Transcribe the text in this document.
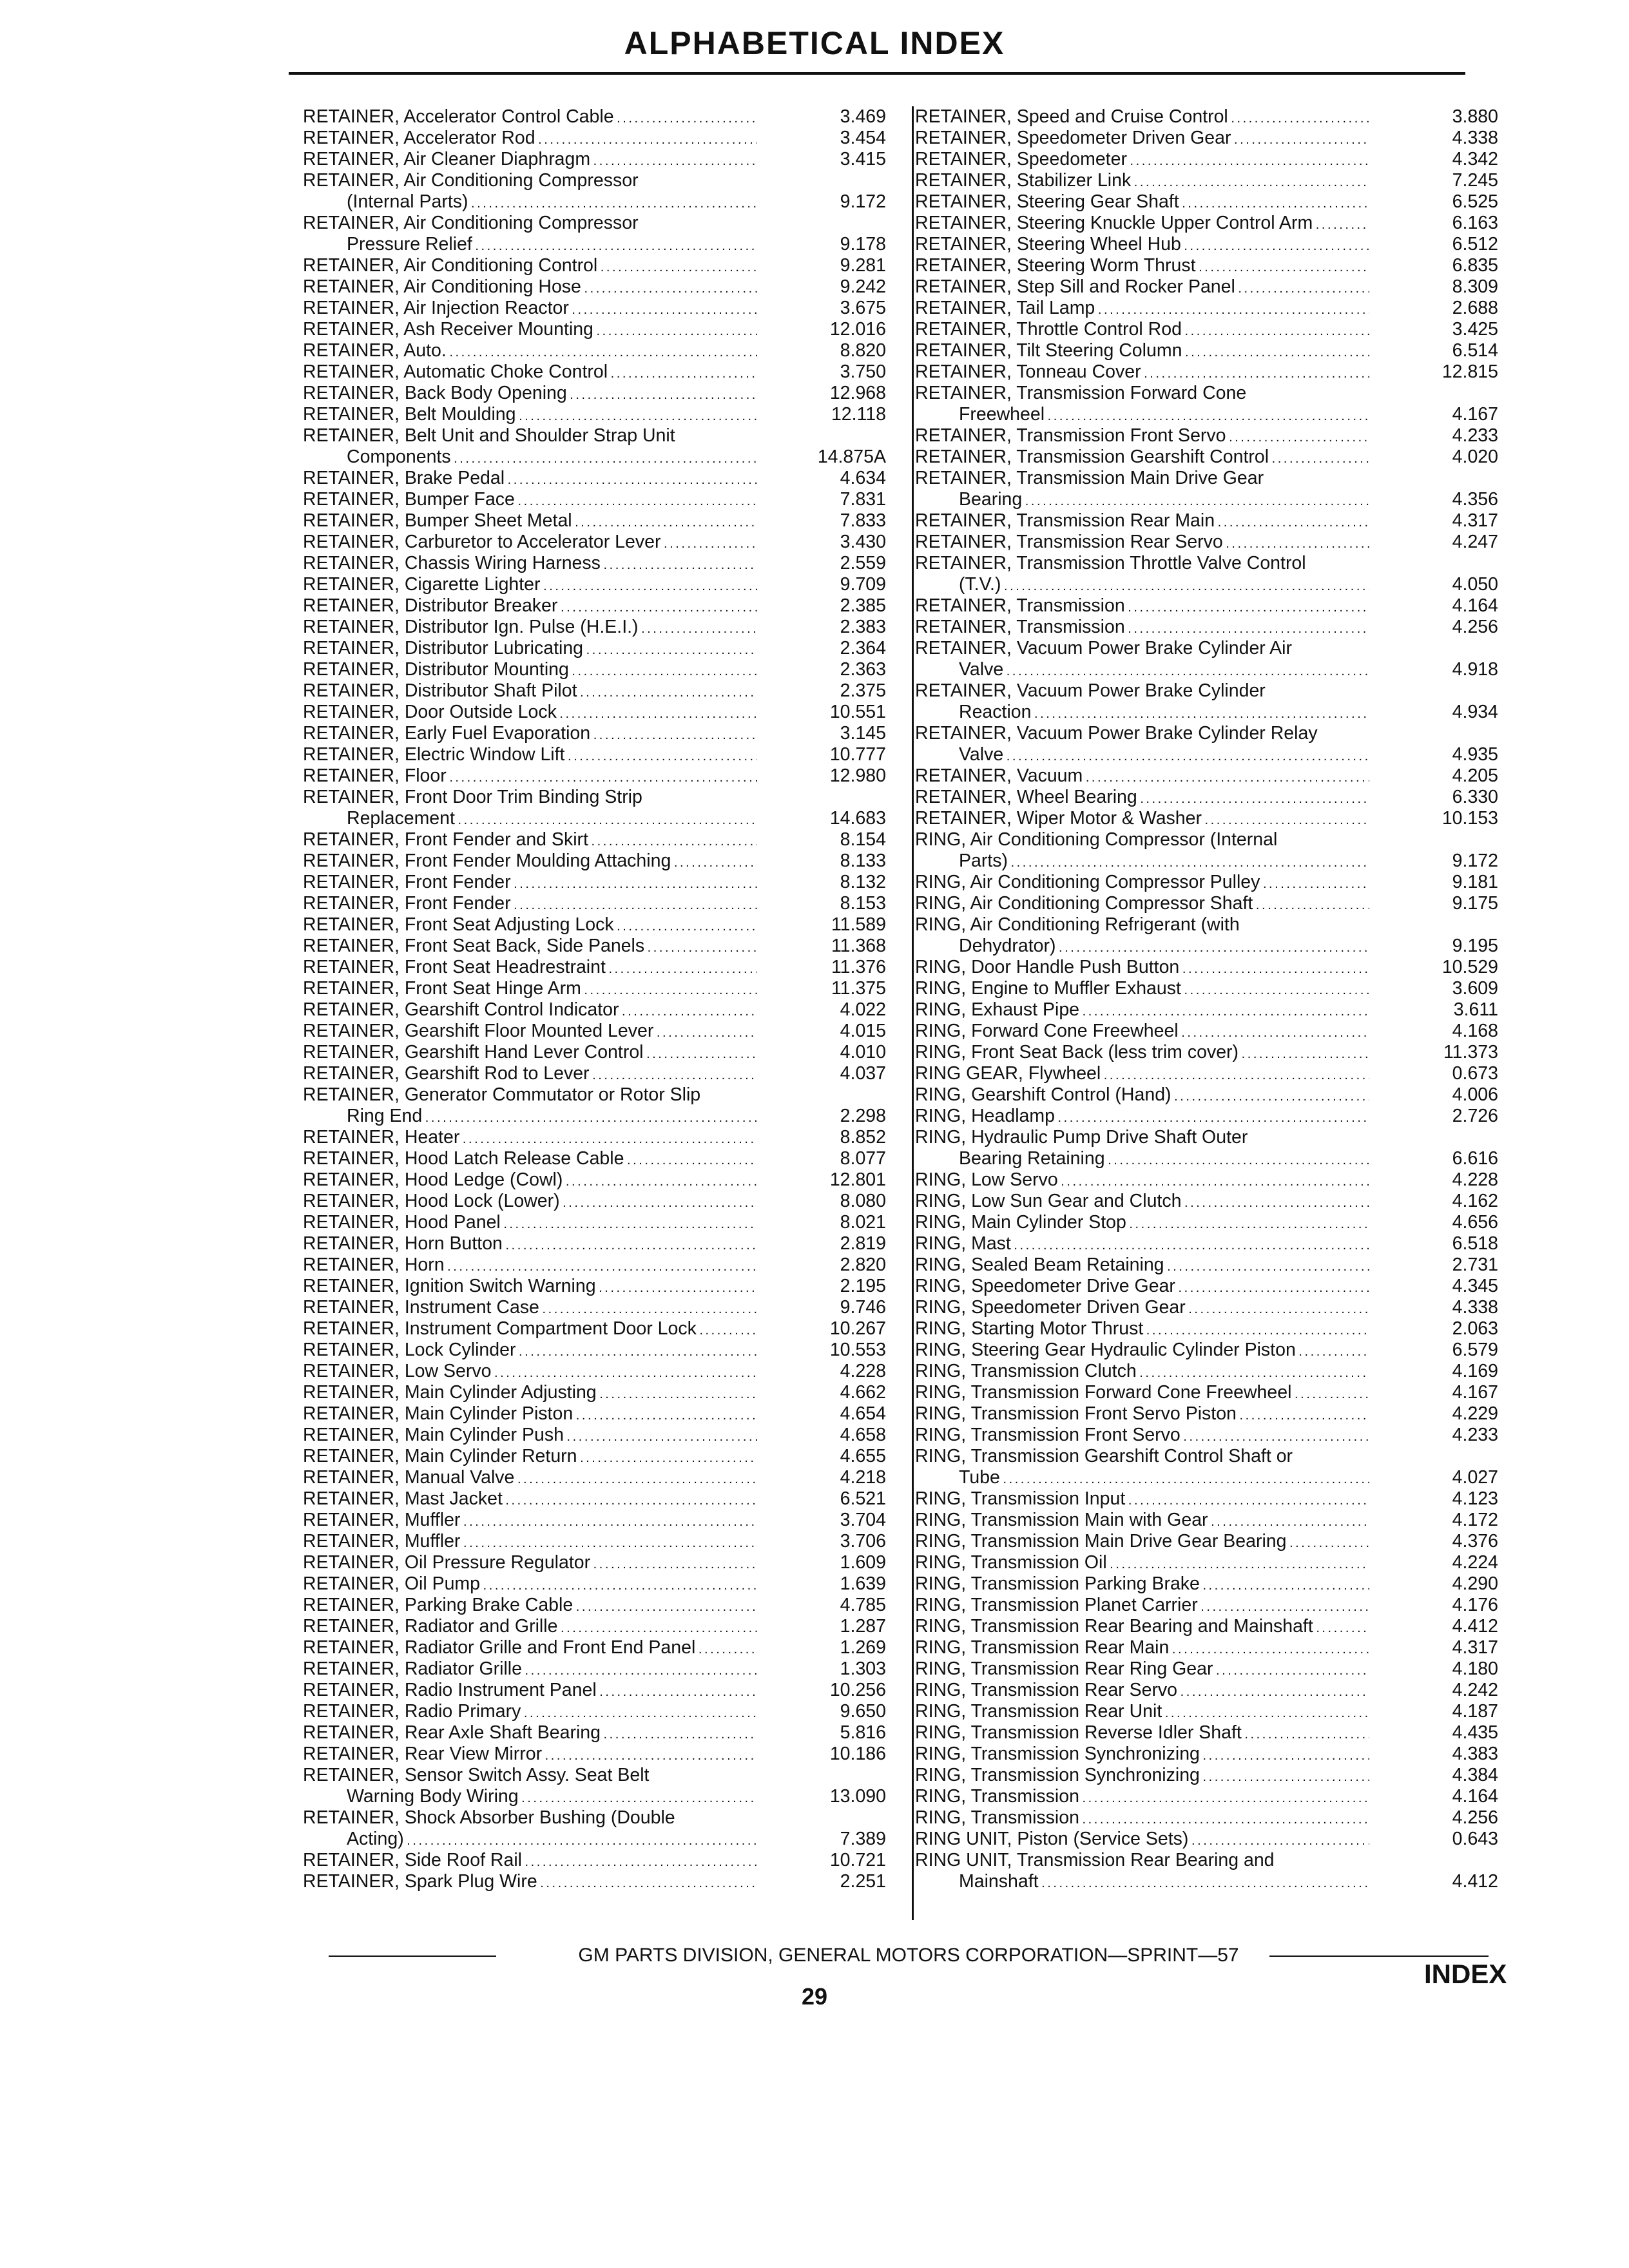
ALPHABETICAL INDEX
RETAINER, Accelerator Control Cable . . .	3.469
RETAINER, Accelerator Rod . . .	3.454
RETAINER, Air Cleaner Diaphragm . . .	3.415
RETAINER, Air Conditioning Compressor
(Internal Parts) . . .	9.172
RETAINER, Air Conditioning Compressor
Pressure Relief . . .	9.178
RETAINER, Air Conditioning Control . . .	9.281
RETAINER, Air Conditioning Hose . . .	9.242
RETAINER, Air Injection Reactor . . .	3.675
RETAINER, Ash Receiver Mounting . . .	12.016
RETAINER, Auto. . . .	8.820
RETAINER, Automatic Choke Control . . .	3.750
RETAINER, Back Body Opening . . .	12.968
RETAINER, Belt Moulding . . .	12.118
RETAINER, Belt Unit and Shoulder Strap Unit
Components . . .	14.875A
RETAINER, Brake Pedal . . .	4.634
RETAINER, Bumper Face . . .	7.831
RETAINER, Bumper Sheet Metal . . .	7.833
RETAINER, Carburetor to Accelerator Lever . . .	3.430
RETAINER, Chassis Wiring Harness . . .	2.559
RETAINER, Cigarette Lighter . . .	9.709
RETAINER, Distributor Breaker . . .	2.385
RETAINER, Distributor Ign. Pulse (H.E.I.) . . .	2.383
RETAINER, Distributor Lubricating . . .	2.364
RETAINER, Distributor Mounting . . .	2.363
RETAINER, Distributor Shaft Pilot . . .	2.375
RETAINER, Door Outside Lock . . .	10.551
RETAINER, Early Fuel Evaporation . . .	3.145
RETAINER, Electric Window Lift . . .	10.777
RETAINER, Floor . . .	12.980
RETAINER, Front Door Trim Binding Strip
Replacement . . .	14.683
RETAINER, Front Fender and Skirt . . .	8.154
RETAINER, Front Fender Moulding Attaching . . .	8.133
RETAINER, Front Fender . . .	8.132
RETAINER, Front Fender . . .	8.153
RETAINER, Front Seat Adjusting Lock . . .	11.589
RETAINER, Front Seat Back, Side Panels . . .	11.368
RETAINER, Front Seat Headrestraint . . .	11.376
RETAINER, Front Seat Hinge Arm . . .	11.375
RETAINER, Gearshift Control Indicator . . .	4.022
RETAINER, Gearshift Floor Mounted Lever . . .	4.015
RETAINER, Gearshift Hand Lever Control . . .	4.010
RETAINER, Gearshift Rod to Lever . . .	4.037
RETAINER, Generator Commutator or Rotor Slip
Ring End . . .	2.298
RETAINER, Heater . . .	8.852
RETAINER, Hood Latch Release Cable . . .	8.077
RETAINER, Hood Ledge (Cowl) . . .	12.801
RETAINER, Hood Lock (Lower) . . .	8.080
RETAINER, Hood Panel . . .	8.021
RETAINER, Horn Button . . .	2.819
RETAINER, Horn . . .	2.820
RETAINER, Ignition Switch Warning . . .	2.195
RETAINER, Instrument Case . . .	9.746
RETAINER, Instrument Compartment Door Lock . . .	10.267
RETAINER, Lock Cylinder . . .	10.553
RETAINER, Low Servo . . .	4.228
RETAINER, Main Cylinder Adjusting . . .	4.662
RETAINER, Main Cylinder Piston . . .	4.654
RETAINER, Main Cylinder Push . . .	4.658
RETAINER, Main Cylinder Return . . .	4.655
RETAINER, Manual Valve . . .	4.218
RETAINER, Mast Jacket . . .	6.521
RETAINER, Muffler . . .	3.704
RETAINER, Muffler . . .	3.706
RETAINER, Oil Pressure Regulator . . .	1.609
RETAINER, Oil Pump . . .	1.639
RETAINER, Parking Brake Cable . . .	4.785
RETAINER, Radiator and Grille . . .	1.287
RETAINER, Radiator Grille and Front End Panel . . .	1.269
RETAINER, Radiator Grille . . .	1.303
RETAINER, Radio Instrument Panel . . .	10.256
RETAINER, Radio Primary . . .	9.650
RETAINER, Rear Axle Shaft Bearing . . .	5.816
RETAINER, Rear View Mirror . . .	10.186
RETAINER, Sensor Switch Assy. Seat Belt
Warning Body Wiring . . .	13.090
RETAINER, Shock Absorber Bushing (Double
Acting) . . .	7.389
RETAINER, Side Roof Rail . . .	10.721
RETAINER, Spark Plug Wire . . .	2.251
RETAINER, Speed and Cruise Control . . .	3.880
RETAINER, Speedometer Driven Gear . . .	4.338
RETAINER, Speedometer . . .	4.342
RETAINER, Stabilizer Link . . .	7.245
RETAINER, Steering Gear Shaft . . .	6.525
RETAINER, Steering Knuckle Upper Control Arm . . .	6.163
RETAINER, Steering Wheel Hub . . .	6.512
RETAINER, Steering Worm Thrust . . .	6.835
RETAINER, Step Sill and Rocker Panel . . .	8.309
RETAINER, Tail Lamp . . .	2.688
RETAINER, Throttle Control Rod . . .	3.425
RETAINER, Tilt Steering Column . . .	6.514
RETAINER, Tonneau Cover . . .	12.815
RETAINER, Transmission Forward Cone
Freewheel . . .	4.167
RETAINER, Transmission Front Servo . . .	4.233
RETAINER, Transmission Gearshift Control . . .	4.020
RETAINER, Transmission Main Drive Gear
Bearing . . .	4.356
RETAINER, Transmission Rear Main . . .	4.317
RETAINER, Transmission Rear Servo . . .	4.247
RETAINER, Transmission Throttle Valve Control
(T.V.) . . .	4.050
RETAINER, Transmission . . .	4.164
RETAINER, Transmission . . .	4.256
RETAINER, Vacuum Power Brake Cylinder Air
Valve . . .	4.918
RETAINER, Vacuum Power Brake Cylinder
Reaction . . .	4.934
RETAINER, Vacuum Power Brake Cylinder Relay
Valve . . .	4.935
RETAINER, Vacuum . . .	4.205
RETAINER, Wheel Bearing . . .	6.330
RETAINER, Wiper Motor & Washer . . .	10.153
RING, Air Conditioning Compressor (Internal
Parts) . . .	9.172
RING, Air Conditioning Compressor Pulley . . .	9.181
RING, Air Conditioning Compressor Shaft . . .	9.175
RING, Air Conditioning Refrigerant (with
Dehydrator) . . .	9.195
RING, Door Handle Push Button . . .	10.529
RING, Engine to Muffler Exhaust . . .	3.609
RING, Exhaust Pipe . . .	3.611
RING, Forward Cone Freewheel . . .	4.168
RING, Front Seat Back (less trim cover) . . .	11.373
RING GEAR, Flywheel . . .	0.673
RING, Gearshift Control (Hand) . . .	4.006
RING, Headlamp . . .	2.726
RING, Hydraulic Pump Drive Shaft Outer
Bearing Retaining . . .	6.616
RING, Low Servo . . .	4.228
RING, Low Sun Gear and Clutch . . .	4.162
RING, Main Cylinder Stop . . .	4.656
RING, Mast . . .	6.518
RING, Sealed Beam Retaining . . .	2.731
RING, Speedometer Drive Gear . . .	4.345
RING, Speedometer Driven Gear . . .	4.338
RING, Starting Motor Thrust . . .	2.063
RING, Steering Gear Hydraulic Cylinder Piston . . .	6.579
RING, Transmission Clutch . . .	4.169
RING, Transmission Forward Cone Freewheel . . .	4.167
RING, Transmission Front Servo Piston . . .	4.229
RING, Transmission Front Servo . . .	4.233
RING, Transmission Gearshift Control Shaft or
Tube . . .	4.027
RING, Transmission Input . . .	4.123
RING, Transmission Main with Gear . . .	4.172
RING, Transmission Main Drive Gear Bearing . . .	4.376
RING, Transmission Oil . . .	4.224
RING, Transmission Parking Brake . . .	4.290
RING, Transmission Planet Carrier . . .	4.176
RING, Transmission Rear Bearing and Mainshaft . . .	4.412
RING, Transmission Rear Main . . .	4.317
RING, Transmission Rear Ring Gear . . .	4.180
RING, Transmission Rear Servo . . .	4.242
RING, Transmission Rear Unit . . .	4.187
RING, Transmission Reverse Idler Shaft . . .	4.435
RING, Transmission Synchronizing . . .	4.383
RING, Transmission Synchronizing . . .	4.384
RING, Transmission . . .	4.164
RING, Transmission . . .	4.256
RING UNIT, Piston (Service Sets) . . .	0.643
RING UNIT, Transmission Rear Bearing and
Mainshaft . . .	4.412
GM PARTS DIVISION, GENERAL MOTORS CORPORATION—SPRINT—57
29
INDEX
